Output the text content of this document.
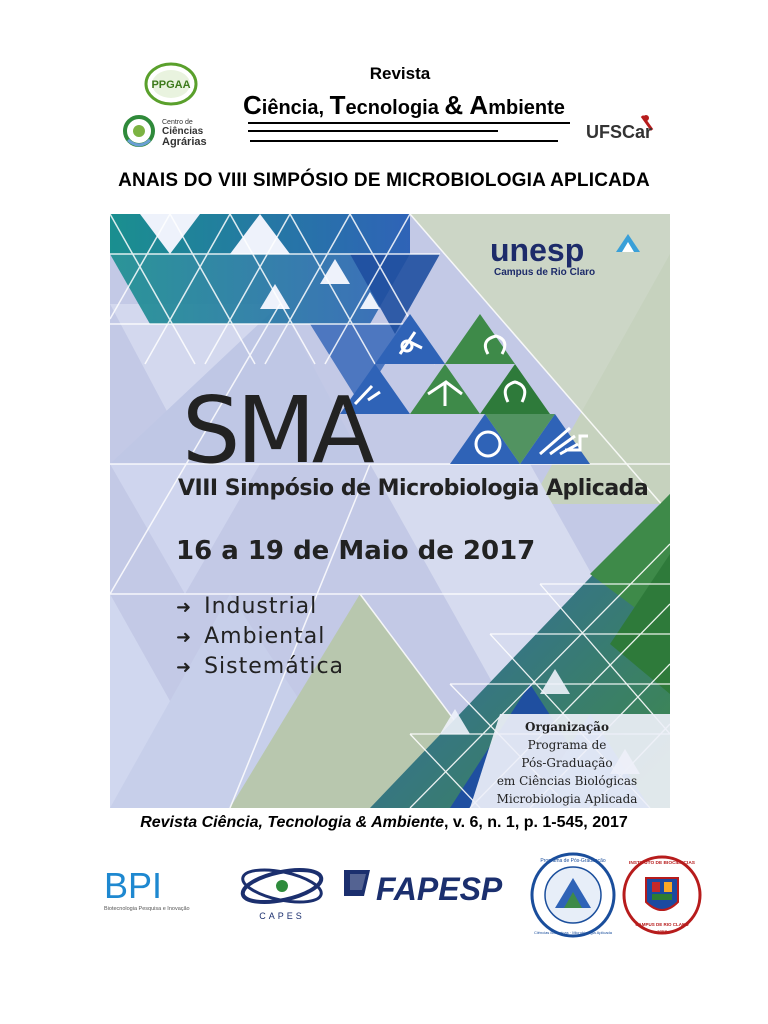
PPGAA
Centro de
Ciências
Agrárias
Revista
Ciência, Tecnologia & Ambiente
UFSCar
ANAIS DO VIII SIMPÓSIO DE MICROBIOLOGIA APLICADA
unesp
Campus de Rio Claro
SMA
VIII Simpósio de Microbiologia Aplicada
16 a 19 de Maio de 2017
➜ Industrial
➜ Ambiental
➜ Sistemática
Organização
Programa de
Pós-Graduação
em Ciências Biológicas
Microbiologia Aplicada
Revista Ciência, Tecnologia & Ambiente, v. 6, n. 1, p. 1-545, 2017
BPI
Biotecnologia Pesquisa e Inovação
CAPES
FAPESP
Programa de Pós-Graduação
Ciências Biológicas · Microbiologia Aplicada
INSTITUTO DE BIOCIÊNCIAS
CAMPUS DE RIO CLARO
1958
